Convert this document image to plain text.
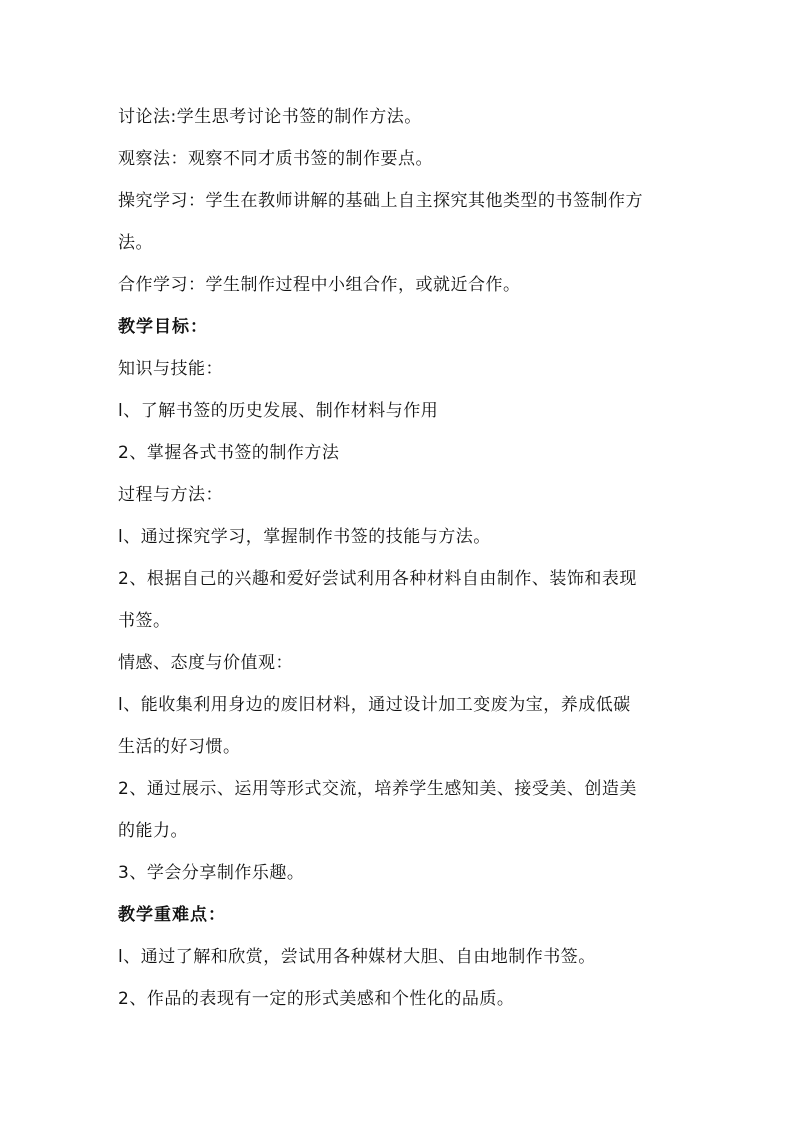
讨论法:学生思考讨论书签的制作方法。

观察法：观察不同才质书签的制作要点。

操究学习：学生在教师讲解的基础上自主探究其他类型的书签制作方

法。

合作学习：学生制作过程中小组合作，或就近合作。

教学目标：

知识与技能：

l、了解书签的历史发展、制作材料与作用

2、掌握各式书签的制作方法

过程与方法：

l、通过探究学习，掌握制作书签的技能与方法。

2、根据自己的兴趣和爱好尝试利用各种材料自由制作、装饰和表现

书签。

情感、态度与价值观：

l、能收集利用身边的废旧材料，通过设计加工变废为宝，养成低碳

生活的好习惯。

2、通过展示、运用等形式交流，培养学生感知美、接受美、创造美

的能力。

3、学会分享制作乐趣。

教学重难点：

l、通过了解和欣赏，尝试用各种媒材大胆、自由地制作书签。

2、作品的表现有一定的形式美感和个性化的品质。
